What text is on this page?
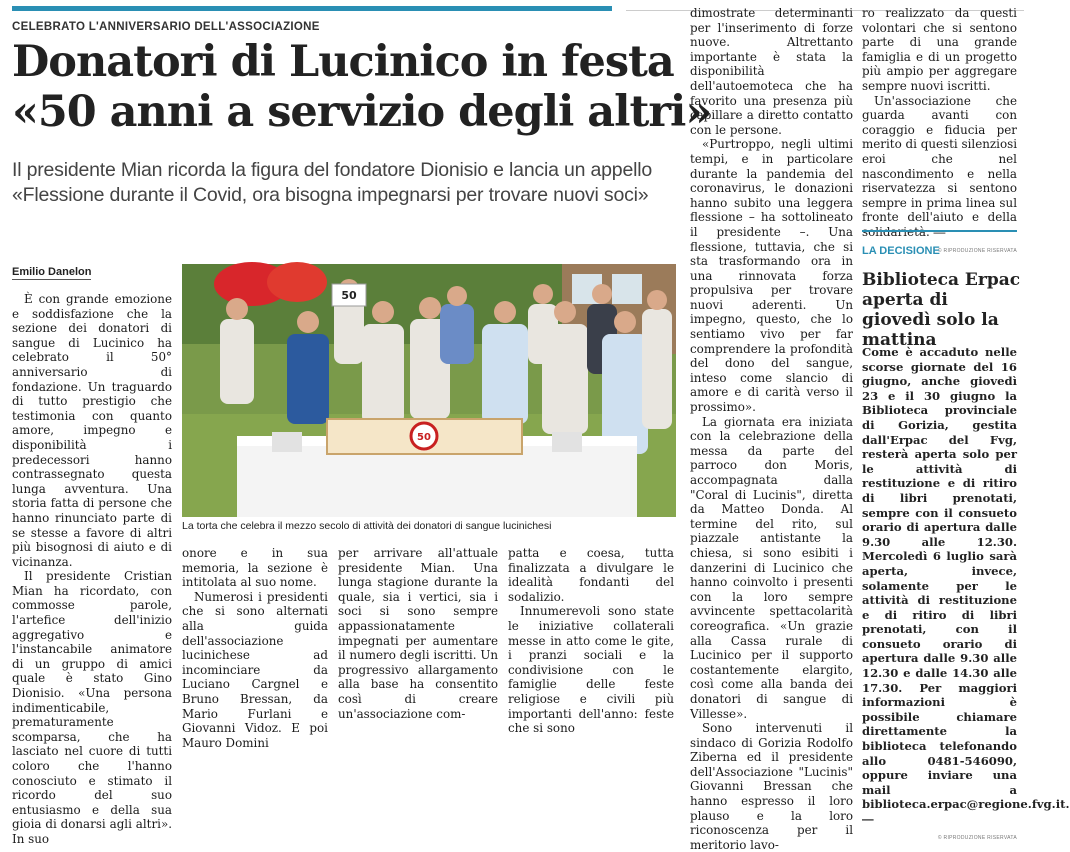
CELEBRATO L'ANNIVERSARIO DELL'ASSOCIAZIONE
Donatori di Lucinico in festa
«50 anni a servizio degli altri»
Il presidente Mian ricorda la figura del fondatore Dionisio e lancia un appello
«Flessione durante il Covid, ora bisogna impegnarsi per trovare nuovi soci»
Emilio Danelon
50
50
La torta che celebra il mezzo secolo di attività dei donatori di sangue lucinichesi

È con grande emozione e soddisfazione che la sezione dei donatori di sangue di Lucinico ha celebrato il 50° anniversario di fondazione. Un traguardo di tutto prestigio che testimonia con quanto amore, impegno e disponibilità i predecessori hanno contrassegnato questa lunga avventura. Una storia fatta di persone che hanno rinunciato parte di se stesse a favore di altri più bisognosi di aiuto e di vicinanza.

Il presidente Cristian Mian ha ricordato, con commosse parole, l'artefice dell'inizio aggregativo e l'instancabile animatore di un gruppo di amici quale è stato Gino Dionisio. «Una persona indimenticabile, prematuramente scomparsa, che ha lasciato nel cuore di tutti coloro che l'hanno conosciuto e stimato il ricordo del suo entusiasmo e della sua gioia di donarsi agli altri». In suo

onore e in sua memoria, la sezione è intitolata al suo nome.

Numerosi i presidenti che si sono alternati alla guida dell'associazione lucinichese ad incominciare da Luciano Cargnel e Bruno Bressan, da Mario Furlani e Giovanni Vidoz. E poi Mauro Domini

per arrivare all'attuale presidente Mian. Una lunga stagione durante la quale, sia i vertici, sia i soci si sono sempre appassionatamente impegnati per aumentare il numero degli iscritti. Un progressivo allargamento alla base ha consentito così di creare un'associazione com-

patta e coesa, tutta finalizzata a divulgare le idealità fondanti del sodalizio.

Innumerevoli sono state le iniziative collaterali messe in atto come le gite, i pranzi sociali e la condivisione con le famiglie delle feste religiose e civili più importanti dell'anno: feste che si sono

dimostrate determinanti per l'inserimento di forze nuove. Altrettanto importante è stata la disponibilità dell'autoemoteca che ha favorito una presenza più capillare a diretto contatto con le persone.

«Purtroppo, negli ultimi tempi, e in particolare durante la pandemia del coronavirus, le donazioni hanno subito una leggera flessione – ha sottolineato il presidente –. Una flessione, tuttavia, che si sta trasformando ora in una rinnovata forza propulsiva per trovare nuovi aderenti. Un impegno, questo, che lo sentiamo vivo per far comprendere la profondità del dono del sangue, inteso come slancio di amore e di carità verso il prossimo».

La giornata era iniziata con la celebrazione della messa da parte del parroco don Moris, accompagnata dalla "Coral di Lucinis", diretta da Matteo Donda. Al termine del rito, sul piazzale antistante la chiesa, si sono esibiti i danzerini di Lucinico che hanno coinvolto i presenti con la loro sempre avvincente spettacolarità coreografica. «Un grazie alla Cassa rurale di Lucinico per il supporto costantemente elargito, così come alla banda dei donatori di sangue di Villesse».

Sono intervenuti il sindaco di Gorizia Rodolfo Ziberna ed il presidente dell'Associazione "Lucinis" Giovanni Bressan che hanno espresso il loro plauso e la loro riconoscenza per il meritorio lavo-

ro realizzato da questi volontari che si sentono parte di una grande famiglia e di un progetto più ampio per aggregare sempre nuovi iscritti.

Un'associazione che guarda avanti con coraggio e fiducia per merito di questi silenziosi eroi che nel nascondimento e nella riservatezza si sentono sempre in prima linea sul fronte dell'aiuto e della

© RIPRODUZIONE RISERVATA
LA DECISIONE
Biblioteca Erpac aperta di giovedì solo la mattina
Come è accaduto nelle scorse giornate del 16 giugno, anche giovedì 23 e il 30 giugno la Biblioteca provinciale di Gorizia, gestita dall'Erpac del Fvg, resterà aperta solo per le attività di restituzione e di ritiro di libri prenotati, sempre con il consueto orario di apertura dalle 9.30 alle 12.30. Mercoledì 6 luglio sarà aperta, invece, solamente per le attività di restituzione e di ritiro di libri prenotati, con il consueto orario di apertura dalle 9.30 alle 12.30 e dalle 14.30 alle 17.30. Per maggiori informazioni è possibile chiamare direttamente la biblioteca telefonando allo 0481-546090, oppure inviare una mail a biblioteca.erpac@regione.fvg.it. —
© RIPRODUZIONE RISERVATA
